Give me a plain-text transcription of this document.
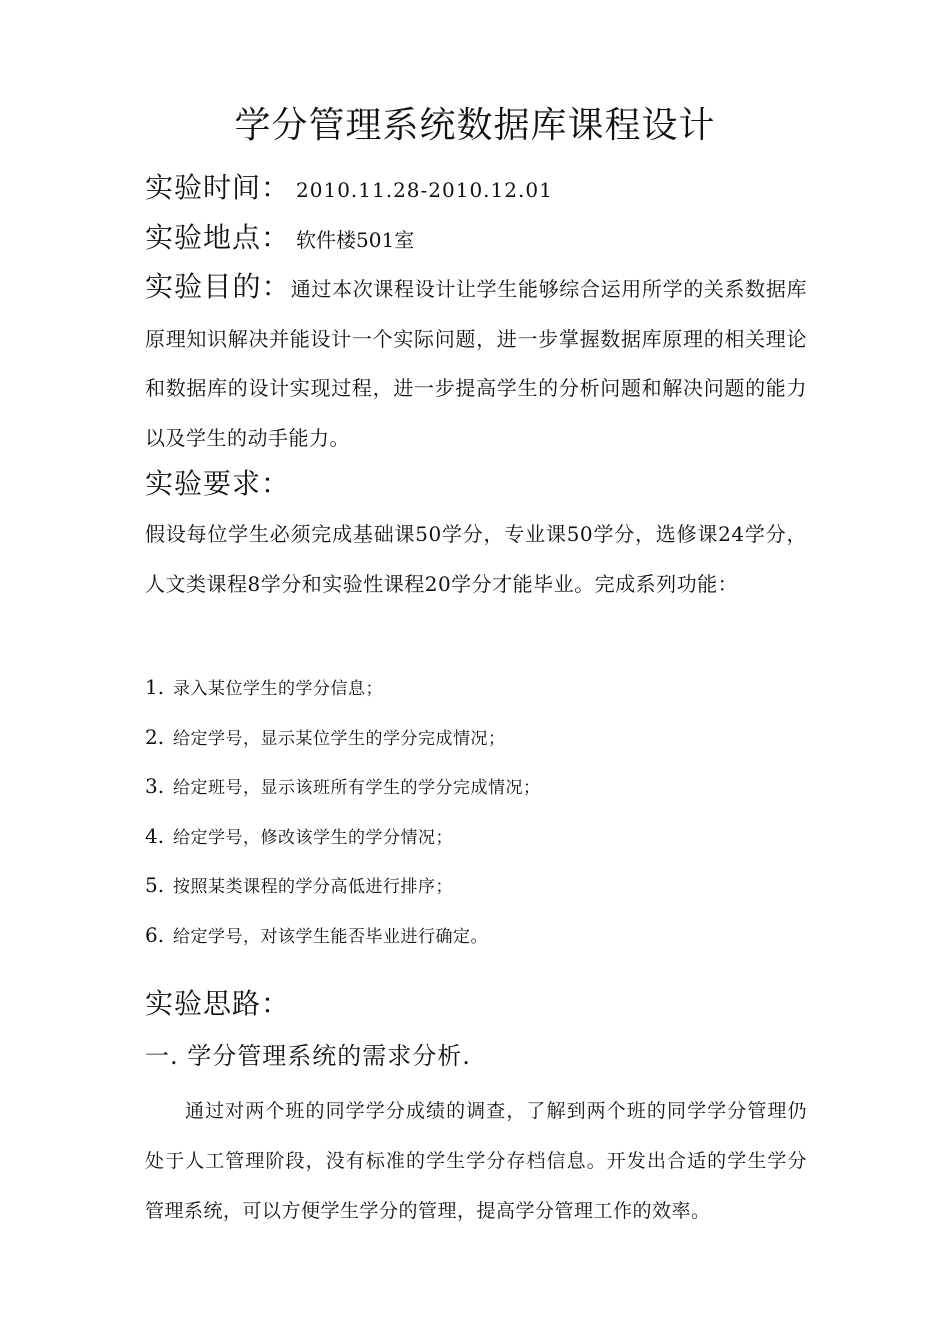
学分管理系统数据库课程设计
实验时间： 2010.11.28-2010.12.01
实验地点： 软件楼501室
实验目的：通过本次课程设计让学生能够综合运用所学的关系数据库原理知识解决并能设计一个实际问题，进一步掌握数据库原理的相关理论和数据库的设计实现过程，进一步提高学生的分析问题和解决问题的能力以及学生的动手能力。
实验要求：
假设每位学生必须完成基础课50学分，专业课50学分，选修课24学分，人文类课程8学分和实验性课程20学分才能毕业。完成系列功能：
1. 录入某位学生的学分信息；
2. 给定学号，显示某位学生的学分完成情况；
3. 给定班号，显示该班所有学生的学分完成情况；
4. 给定学号，修改该学生的学分情况；
5. 按照某类课程的学分高低进行排序；
6. 给定学号，对该学生能否毕业进行确定。
实验思路：
一. 学分管理系统的需求分析.
通过对两个班的同学学分成绩的调查，了解到两个班的同学学分管理仍处于人工管理阶段，没有标准的学生学分存档信息。开发出合适的学生学分管理系统，可以方便学生学分的管理，提高学分管理工作的效率。
